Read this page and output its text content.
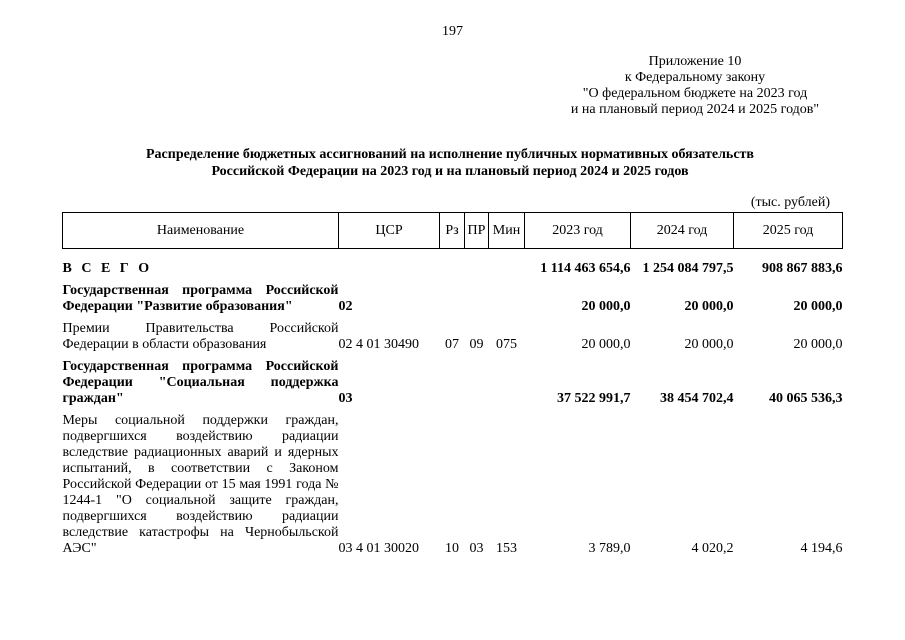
197
Приложение 10
к Федеральному закону
"О федеральном бюджете на 2023 год
и на плановый период 2024 и 2025 годов"
Распределение бюджетных ассигнований на исполнение публичных нормативных обязательств
Российской Федерации на 2023 год и на плановый период 2024 и 2025 годов
(тыс. рублей)
Наименование	ЦСР	Рз	ПР	Мин	2023 год	2024 год	2025 год
В С Е Г О					1 114 463 654,6	1 254 084 797,5	908 867 883,6
Государственная программа Российской Федерации "Развитие образования"	02				20 000,0	20 000,0	20 000,0
Премии Правительства Российской Федерации в области образования	02 4 01 30490	07	09	075	20 000,0	20 000,0	20 000,0
Государственная программа Российской Федерации "Социальная поддержка граждан"	03				37 522 991,7	38 454 702,4	40 065 536,3
Меры социальной поддержки граждан, подвергшихся воздействию радиации вследствие радиационных аварий и ядерных испытаний, в соответствии с Законом Российской Федерации от 15 мая 1991 года № 1244-1 "О социальной защите граждан, подвергшихся воздействию радиации вследствие катастрофы на Чернобыльской АЭС"	03 4 01 30020	10	03	153	3 789,0	4 020,2	4 194,6
